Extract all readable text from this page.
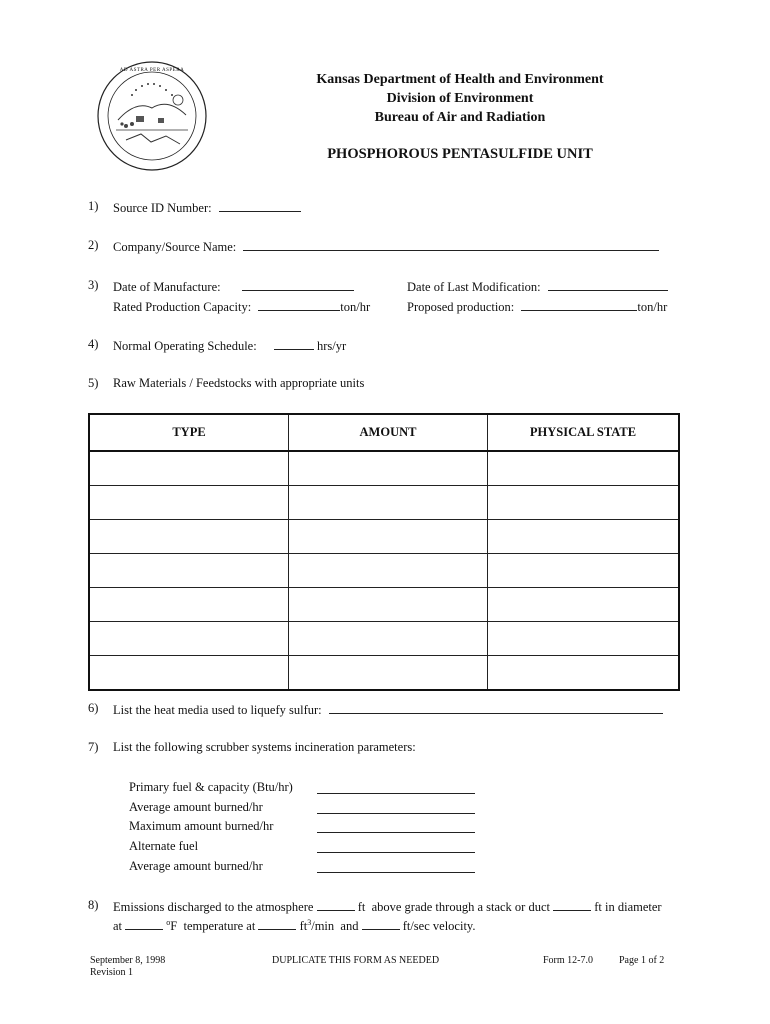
AD ASTRA PER ASPERA
Kansas Department of Health and Environment
Division of Environment
Bureau of Air and Radiation
PHOSPHOROUS PENTASULFIDE UNIT
1) Source ID Number:
2) Company/Source Name:
3) Date of Manufacture:	Date of Last Modification:
Rated Production Capacity:	ton/hr	Proposed production:	ton/hr
4) Normal Operating Schedule:	hrs/yr
5) Raw Materials / Feedstocks with appropriate units
TYPE	AMOUNT	PHYSICAL STATE

6) List the heat media used to liquefy sulfur:
7) List the following scrubber systems incineration parameters:
Primary fuel & capacity (Btu/hr)
Average amount burned/hr
Maximum amount burned/hr
Alternate fuel
Average amount burned/hr
8) Emissions discharged to the atmosphere	ft above grade through a stack or duct	ft in diameter
at	$^o$F temperature at	$ft^3/\min$ and	ft/sec velocity.
September 8, 1998
Revision 1
DUPLICATE THIS FORM AS NEEDED	Form 12-7.0	Page 1 of 2
